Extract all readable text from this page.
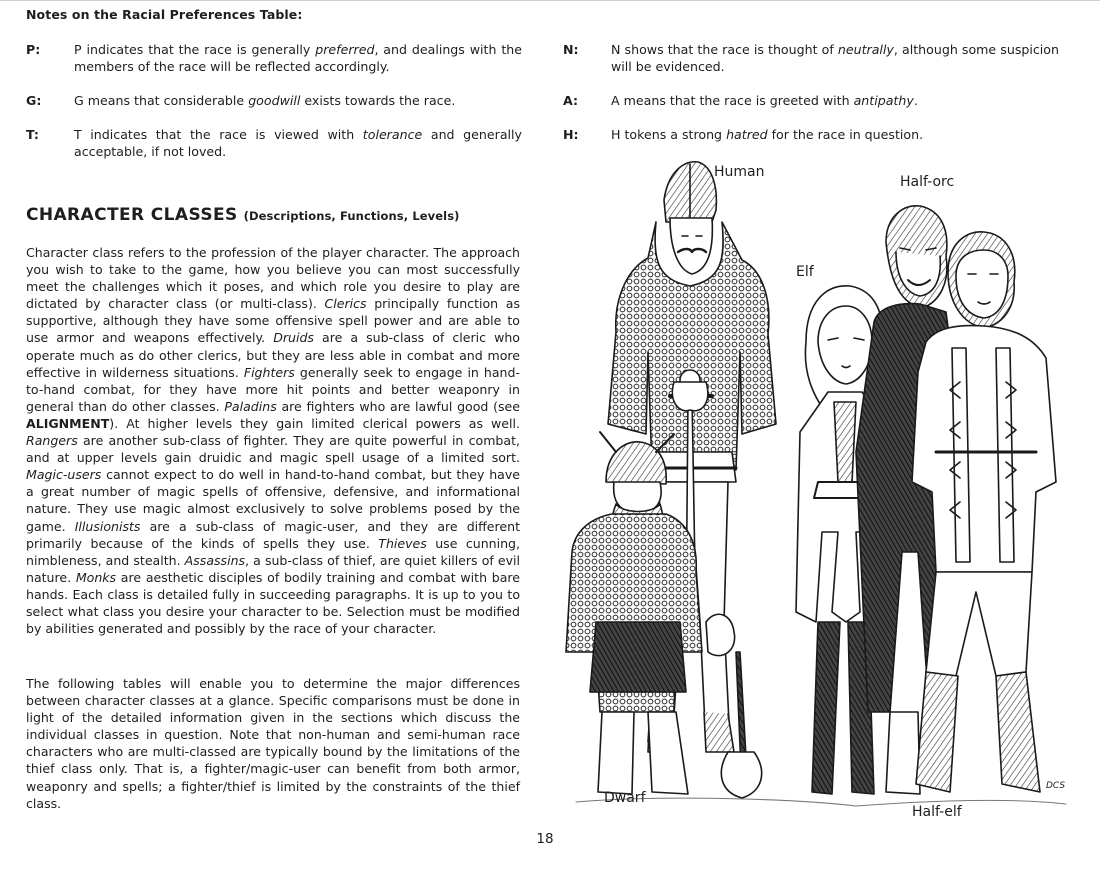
Notes on the Racial Preferences Table:
P:	P indicates that the race is generally preferred, and dealings with the members of the race will be reflected accordingly.
G:	G means that considerable goodwill exists towards the race.
T:	T indicates that the race is viewed with tolerance and generally acceptable, if not loved.
N:	N shows that the race is thought of neutrally, although some suspicion will be evidenced.
A:	A means that the race is greeted with antipathy.
H:	H tokens a strong hatred for the race in question.
CHARACTER CLASSES (Descriptions, Functions, Levels)
Character class refers to the profession of the player character. The approach you wish to take to the game, how you believe you can most successfully meet the challenges which it poses, and which role you desire to play are dictated by character class (or multi-class). Clerics principally function as supportive, although they have some offensive spell power and are able to use armor and weapons effectively. Druids are a sub-class of cleric who operate much as do other clerics, but they are less able in combat and more effective in wilderness situations. Fighters generally seek to engage in hand-to-hand combat, for they have more hit points and better weaponry in general than do other classes. Paladins are fighters who are lawful good (see ALIGNMENT). At higher levels they gain limited clerical powers as well. Rangers are another sub-class of fighter. They are quite powerful in combat, and at upper levels gain druidic and magic spell usage of a limited sort. Magic-users cannot expect to do well in hand-to-hand combat, but they have a great number of magic spells of offensive, defensive, and informational nature. They use magic almost exclusively to solve problems posed by the game. Illusionists are a sub-class of magic-user, and they are different primarily because of the kinds of spells they use. Thieves use cunning, nimbleness, and stealth. Assassins, a sub-class of thief, are quiet killers of evil nature. Monks are aesthetic disciples of bodily training and combat with bare hands. Each class is detailed fully in succeeding paragraphs. It is up to you to select what class you desire your character to be. Selection must be modified by abilities generated and possibly by the race of your character.
The following tables will enable you to determine the major differences between character classes at a glance. Specific comparisons must be done in light of the detailed information given in the sections which discuss the individual classes in question. Note that non-human and semi-human race characters who are multi-classed are typically bound by the limitations of the thief class only. That is, a fighter/magic-user can benefit from both armor, weaponry and spells; a fighter/thief is limited by the constraints of the thief class.
Human
Elf
Half-orc
Dwarf
Half-elf
DCS
18
